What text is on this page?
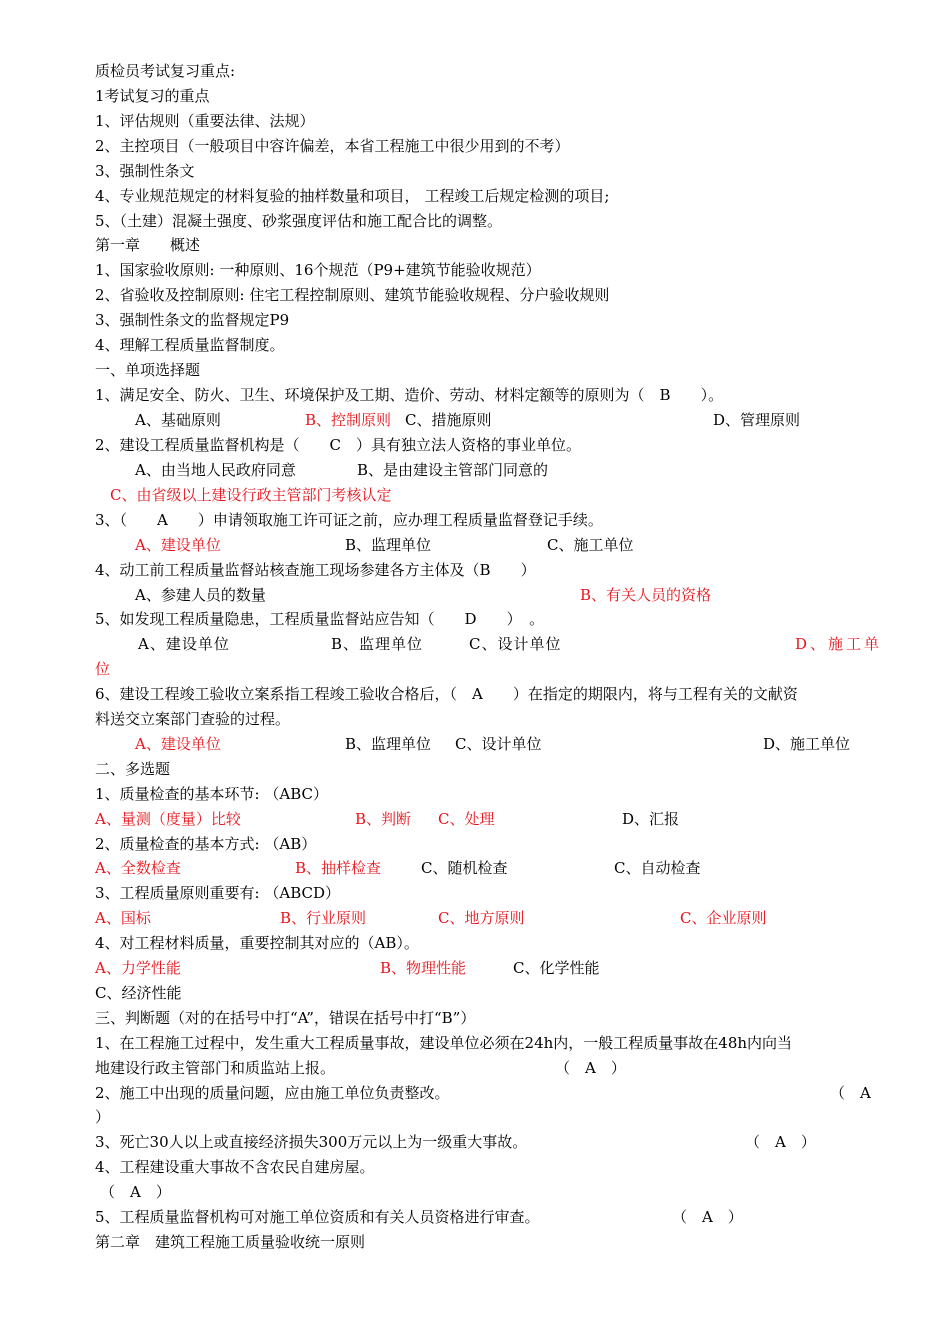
质检员考试复习重点:
1考试复习的重点
1、评估规则（重要法律、法规）
2、主控项目（一般项目中容许偏差，本省工程施工中很少用到的不考）
3、强制性条文
4、专业规范规定的材料复验的抽样数量和项目， 工程竣工后规定检测的项目;
5、（土建）混凝土强度、砂浆强度评估和施工配合比的调整。
第一章　　概述
1、国家验收原则: 一种原则、16个规范（P9+建筑节能验收规范）
2、省验收及控制原则: 住宅工程控制原则、建筑节能验收规程、分户验收规则
3、强制性条文的监督规定P9
4、理解工程质量监督制度。
一、单项选择题
1、满足安全、防火、卫生、环境保护及工期、造价、劳动、材料定额等的原则为（　B　　）。
A、基础原则	B、控制原则 C、措施原则	D、管理原则
2、建设工程质量监督机构是（　　C　）具有独立法人资格的事业单位。
A、由当地人民政府同意	B、是由建设主管部门同意的
C、由省级以上建设行政主管部门考核认定
3、（　　A　　）申请领取施工许可证之前，应办理工程质量监督登记手续。
A、建设单位	B、监理单位	C、施工单位
4、动工前工程质量监督站核查施工现场参建各方主体及（B　　）
A、参建人员的数量	B、有关人员的资格
5、如发现工程质量隐患，工程质量监督站应告知（　　D　　）　。
A、建设单位	B、监理单位	C、设计单位	D、施工单
位
6、建设工程竣工验收立案系指工程竣工验收合格后，（　A　　）在指定的期限内，将与工程有关的文献资
料送交立案部门查验的过程。
A、建设单位	B、监理单位 C、设计单位	D、施工单位
二、多选题
1、质量检查的基本环节: （ABC）
A、量测（度量）比较	B、判断 C、处理	D、汇报
2、质量检查的基本方式: （AB）
A、全数检查	B、抽样检查	C、随机检查	C、自动检查
3、工程质量原则重要有: （ABCD）
A、国标	B、行业原则	C、地方原则	C、企业原则
4、对工程材料质量，重要控制其对应的（AB）。
A、力学性能	B、物理性能	C、化学性能
C、经济性能
三、判断题（对的在括号中打“A”，错误在括号中打“B”）
1、在工程施工过程中，发生重大工程质量事故，建设单位必须在24h内，一般工程质量事故在48h内向当
地建设行政主管部门和质监站上报。	（　A　）
2、施工中出现的质量问题，应由施工单位负责整改。	（　A
）
3、死亡30人以上或直接经济损失300万元以上为一级重大事故。	（　A　）
4、工程建设重大事故不含农民自建房屋。
（　A　）
5、工程质量监督机构可对施工单位资质和有关人员资格进行审查。	（　A　）
第二章　建筑工程施工质量验收统一原则
